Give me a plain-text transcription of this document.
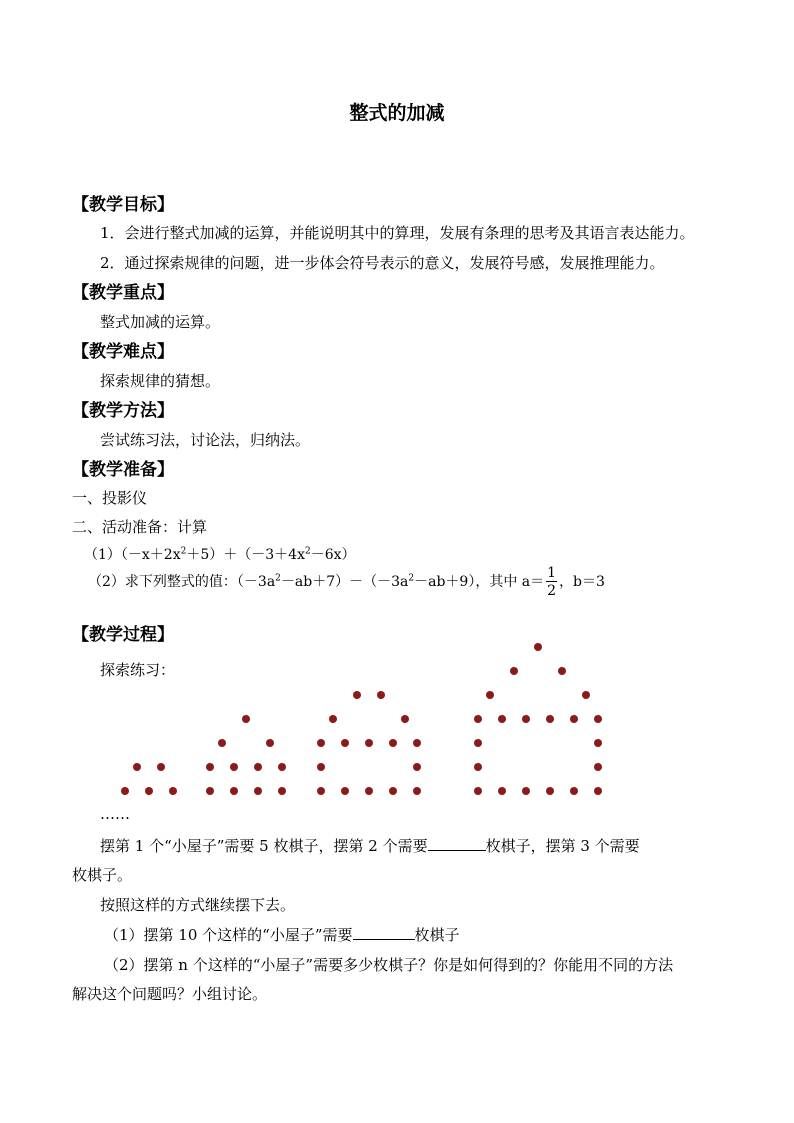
整式的加减
【教学目标】
1．会进行整式加减的运算，并能说明其中的算理，发展有条理的思考及其语言表达能力。
2．通过探索规律的问题，进一步体会符号表示的意义，发展符号感，发展推理能力。
【教学重点】
整式加减的运算。
【教学难点】
探索规律的猜想。
【教学方法】
尝试练习法，讨论法，归纳法。
【教学准备】
一、投影仪
二、活动准备：计算
$(1)(-x+2x^2+5)+(-3+4x^2-6x)$
（2）求下列整式的值：$(-3a^2-ab+7)-(-3a^2-ab+9)$，其中 $a= \frac{1}{2}$ ，b＝3
【教学过程】
探索练习：
……
摆第 1 个“小屋子”需要 5 枚棋子，摆第 2 个需要	枚棋子，摆第 3 个需要
枚棋子。
按照这样的方式继续摆下去。
（1）摆第 10 个这样的“小屋子”需要	枚棋子
（2）摆第 n 个这样的“小屋子”需要多少枚棋子？你是如何得到的？你能用不同的方法
解决这个问题吗？小组讨论。
